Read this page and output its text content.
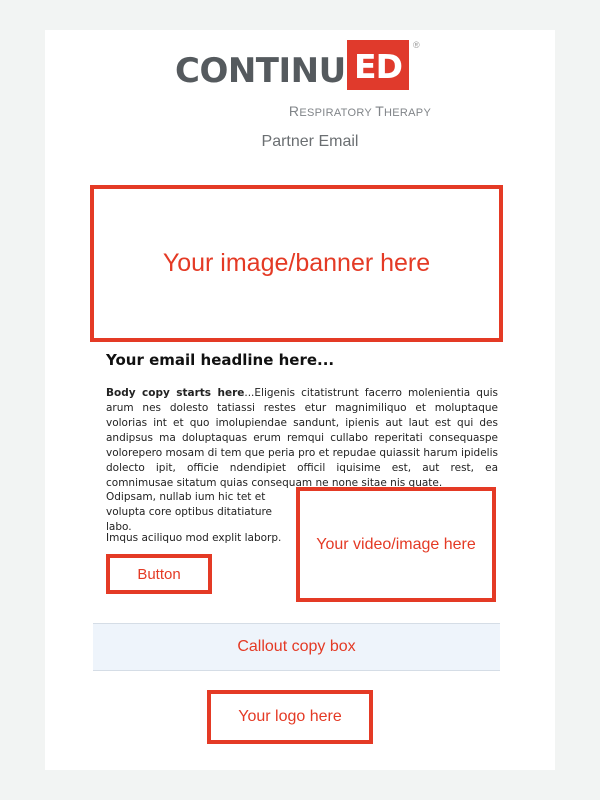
CONTINU ED
®
RESPIRATORY THERAPY
Partner Email
Your image/banner here
Your email headline here...
Body copy starts here...Eligenis citatistrunt facerro molenientia quis arum nes dolesto tatiassi restes etur magnimiliquo et moluptaque volorias int et quo imolupiendae sandunt, ipienis aut laut est qui des andipsus ma doluptaquas erum remqui cullabo reperitati consequaspe volorepero mosam di tem que peria pro et repudae quiassit harum ipidelis dolecto ipit, officie ndendipiet officil iquisime est, aut rest, ea comnimusae sitatum quias consequam ne none sitae nis quate.
Odipsam, nullab ium hic tet et volupta core optibus ditatiature labo.
Imqus aciliquo mod explit laborp.
Button
Your video/image here
Callout copy box
Your logo here
